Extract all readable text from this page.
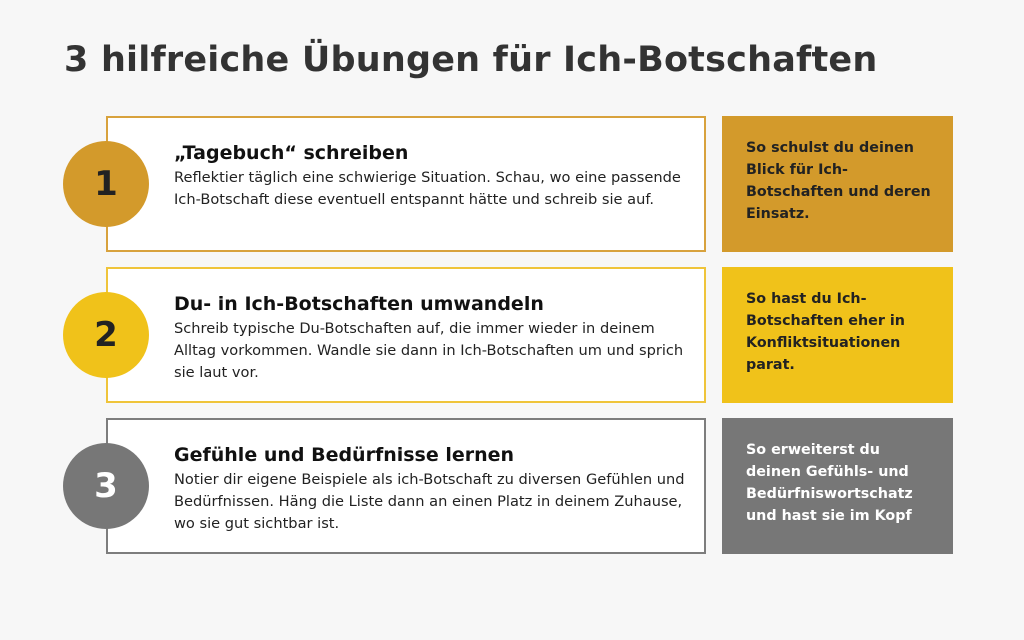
3 hilfreiche Übungen für Ich-Botschaften
1
„Tagebuch“ schreiben

Reflektier täglich eine schwierige Situation. Schau, wo eine passende Ich-Botschaft diese eventuell entspannt hätte und schreib sie auf.

So schulst du deinen Blick für Ich-Botschaften und deren Einsatz.

2
Du- in Ich-Botschaften umwandeln

Schreib typische Du-Botschaften auf, die immer wieder in deinem Alltag vorkommen. Wandle sie dann in Ich-Botschaften um und sprich sie laut vor.

So hast du Ich-Botschaften eher in Konfliktsituationen parat.

3
Gefühle und Bedürfnisse lernen

Notier dir eigene Beispiele als ich-Botschaft zu diversen Gefühlen und Bedürfnissen. Häng die Liste dann an einen Platz in deinem Zuhause, wo sie gut sichtbar ist.

So erweiterst du deinen Gefühls- und Bedürfniswortschatz und hast sie im Kopf
